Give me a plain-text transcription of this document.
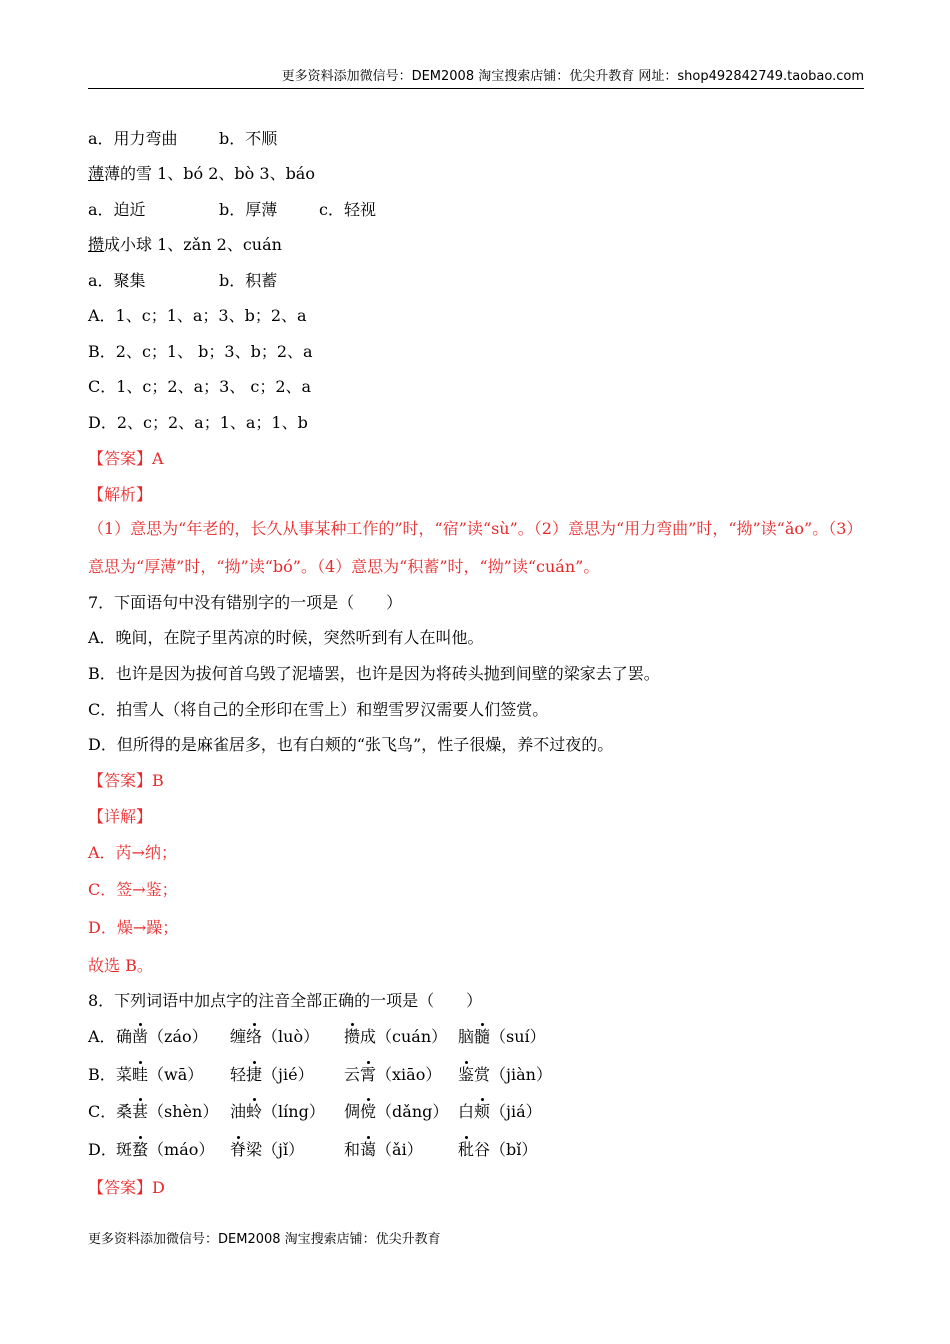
更多资料添加微信号：DEM2008 淘宝搜索店铺：优尖升教育 网址：shop492842749.taobao.com
a．用力弯曲	b．不顺
薄薄的雪 1、bó 2、bò 3、báo
a．迫近	b．厚薄	c．轻视
攒成小球 1、zǎn 2、cuán
a．聚集	b．积蓄
A．1、c；1、a；3、b；2、a
B．2、c；1、 b；3、b；2、a
C．1、c；2、a；3、 c；2、a
D．2、c；2、a；1、a；1、b
【答案】A
【解析】
（1）意思为“年老的，长久从事某种工作的”时，“宿”读“sù”。（2）意思为“用力弯曲”时，“拗”读“ǎo”。（3）意思为“厚薄”时，“拗”读“bó”。（4）意思为“积蓄”时，“拗”读“cuán”。
7．下面语句中没有错别字的一项是（　　）
A．晚间，在院子里芮凉的时候，突然听到有人在叫他。
B．也许是因为拔何首乌毁了泥墙罢，也许是因为将砖头抛到间壁的梁家去了罢。
C．拍雪人（将自己的全形印在雪上）和塑雪罗汉需要人们签赏。
D．但所得的是麻雀居多，也有白颊的“张飞鸟”，性子很燥，养不过夜的。
【答案】B
【详解】
A．芮→纳；
C．签→鉴；
D．燥→躁；
故选 B。
8．下列词语中加点字的注音全部正确的一项是（　　）
A． 确凿（záo） 缠络（luò） 攒成（cuán） 脑髓（suí）
B． 菜畦（wā） 轻捷（jié） 云霄（xiāo） 鉴赏（jiàn）
C． 桑葚（shèn） 油蛉（líng） 倜傥（dǎng） 白颊（jiá）
D． 斑蝥（máo） 脊梁（jǐ） 和蔼（ǎi） 秕谷（bǐ）
【答案】D
更多资料添加微信号：DEM2008 淘宝搜索店铺：优尖升教育
